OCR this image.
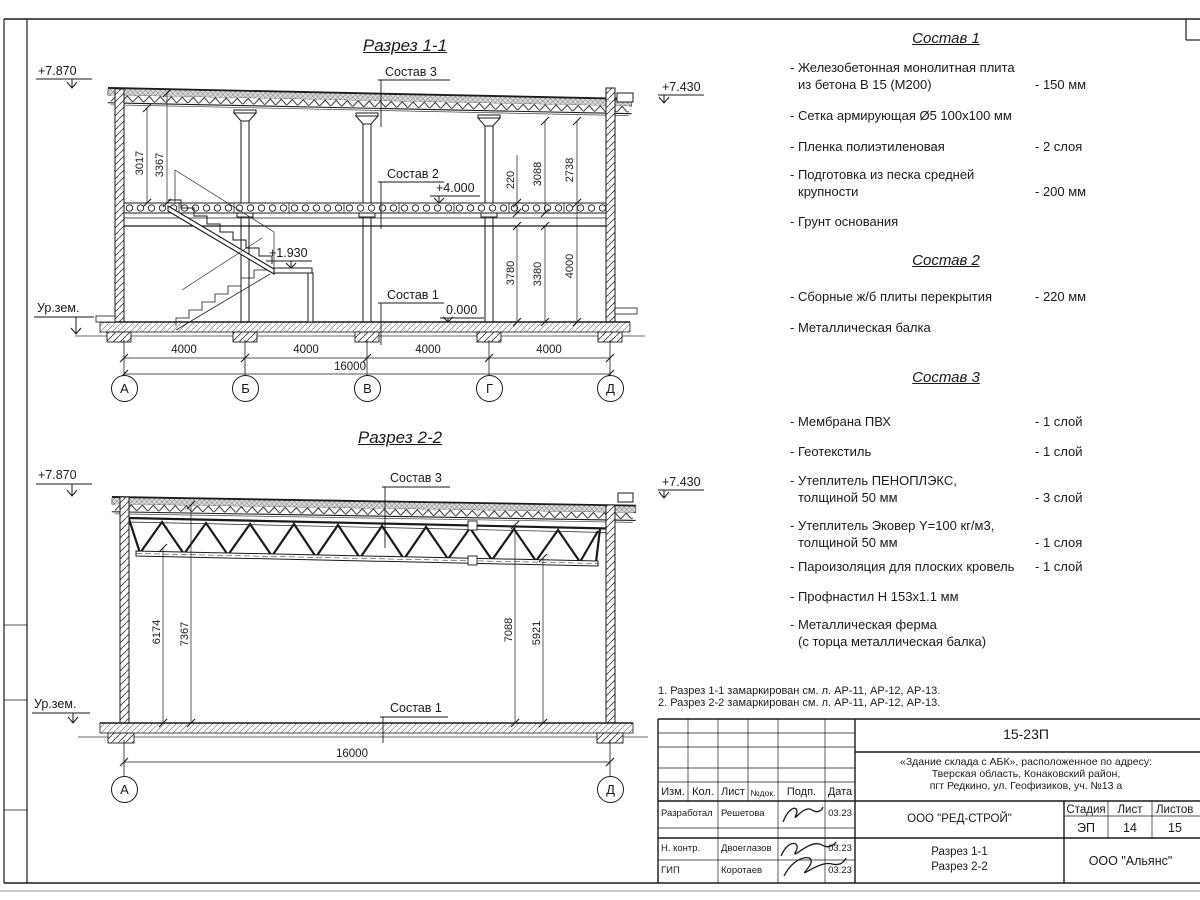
Разрез 1-1
+7.870
+7.430
+4.000
0.000
+1.930
Ур.зем.
Состав 3
Состав 2
Состав 1
3017 3367
220 3088 2738
3780 3380 4000
4000	4000	4000	4000
16000
А	Б	В	Г	Д
Разрез 2-2
+7.870	+7.430
Ур.зем.
Состав 3
Состав 1
6174 7367	7088 5921
16000
А	Д
Состав 1
- Железобетонная монолитная плита
из бетона В 15 (М200)	- 150 мм
- Сетка армирующая Ø5 100х100 мм
- Пленка полиэтиленовая	- 2 слоя
- Подготовка из песка средней
крупности	- 200 мм
- Грунт основания
Состав 2
- Сборные ж/б плиты перекрытия	- 220 мм
- Металлическая балка
Состав 3
- Мембрана ПВХ	- 1 слой
- Геотекстиль	- 1 слой
- Утеплитель ПЕНОПЛЭКС,
толщиной 50 мм	- 3 слой
- Утеплитель Эковер Y=100 кг/м3,
толщиной 50 мм	- 1 слоя
- Пароизоляция для плоских кровель	- 1 слой
- Профнастил Н 153х1.1 мм
- Металлическая ферма
(с торца металлическая балка)
1. Разрез 1-1 замаркирован см. л. АР-11, АР-12, АР-13.
2. Разрез 2-2 замаркирован см. л. АР-11, АР-12, АР-13.
15-23П
«Здание склада с АБК», расположенное по адресу:
Тверская область, Конаковский район,
пгт Редкино, ул. Геофизиков, уч. №13 а
ООО "РЕД-СТРОЙ"
Стадия	Лист	Листов
ЭП	14	15
Разрез 1-1
Разрез 2-2	ООО "Альянс"
Изм. Кол. Лист №док.	Подп.	Дата
Разработал Решетова	03.23
Н. контр. Двоеглазов	03.23
ГИП	Коротаев	03.23
